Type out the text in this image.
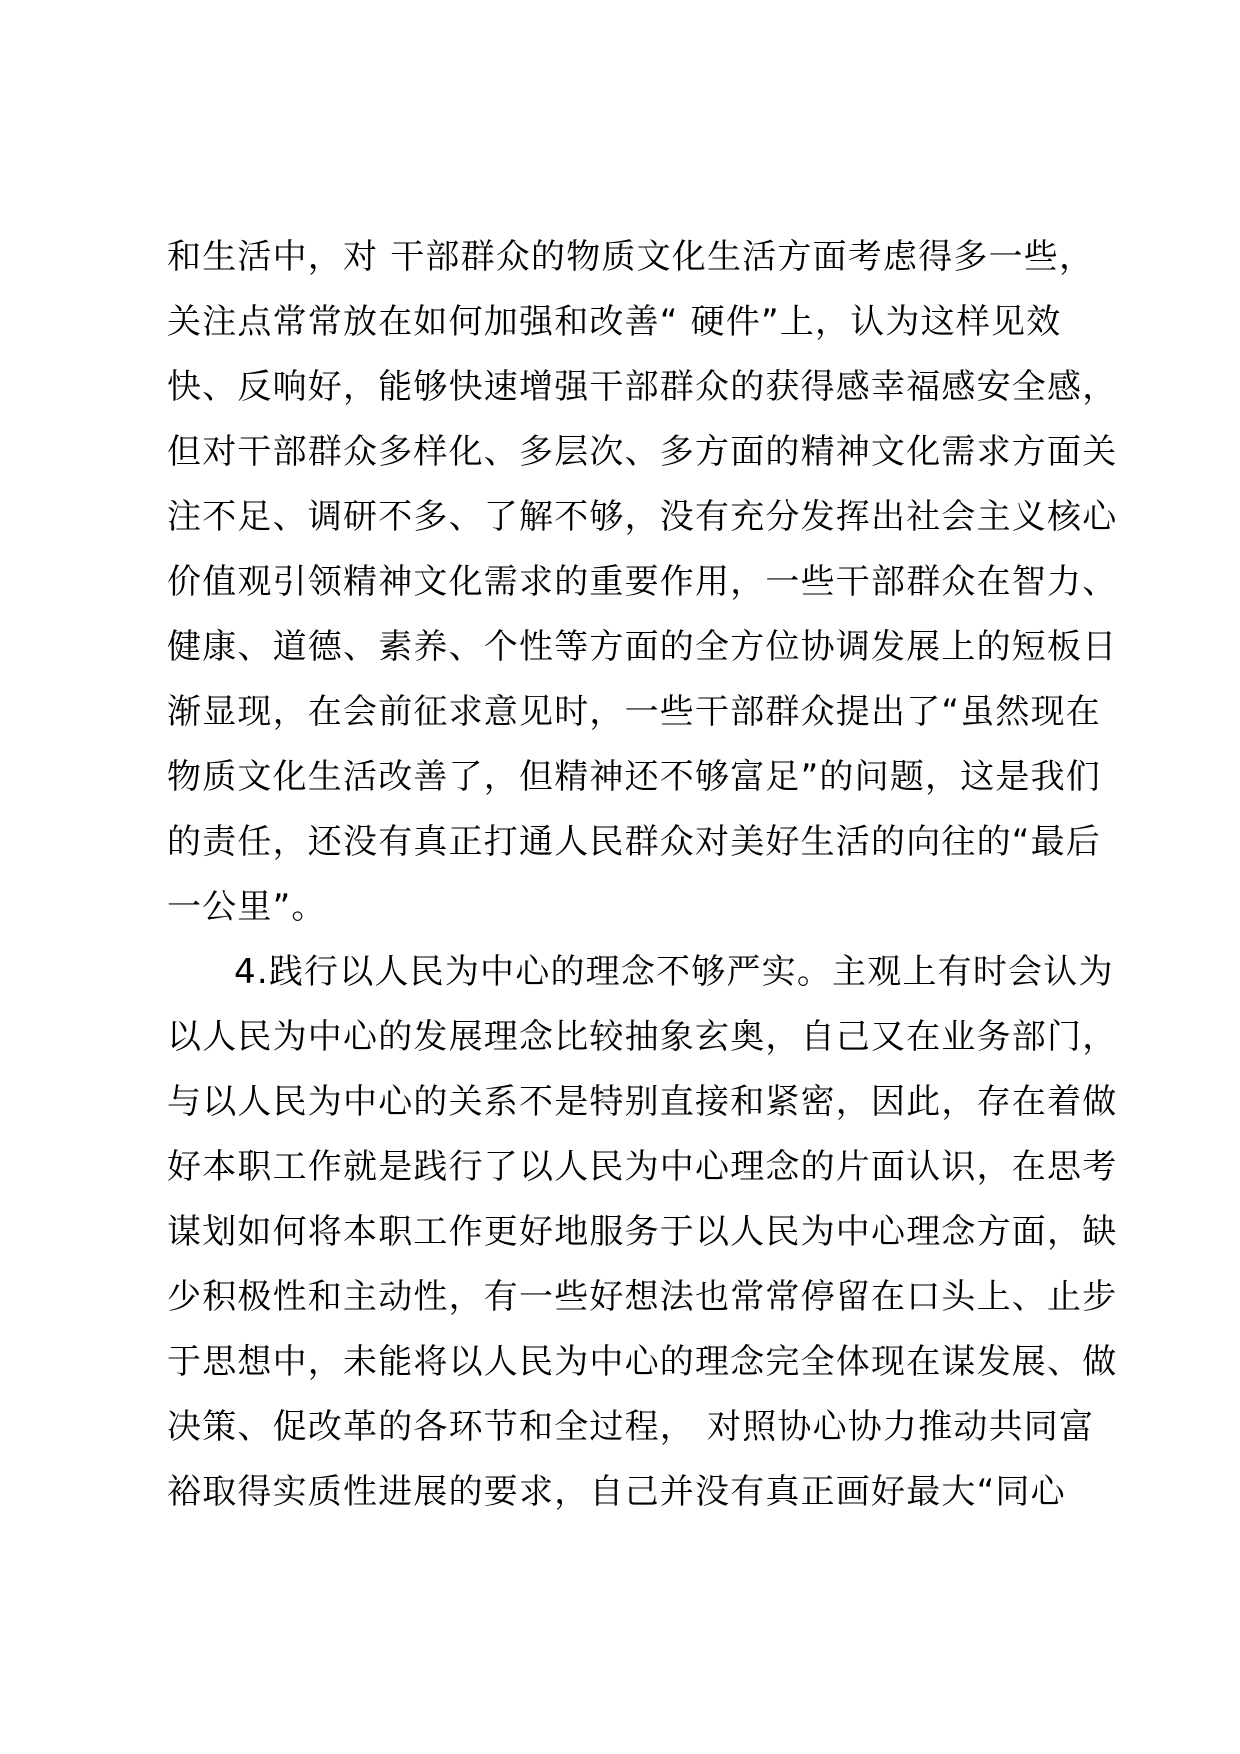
和生活中，对 干部群众的物质文化生活方面考虑得多一些，
关注点常常放在如何加强和改善“ 硬件”上，认为这样见效
快、反响好，能够快速增强干部群众的获得感幸福感安全感，
但对干部群众多样化、多层次、多方面的精神文化需求方面关
注不足、调研不多、了解不够，没有充分发挥出社会主义核心
价值观引领精神文化需求的重要作用，一些干部群众在智力、
健康、道德、素养、个性等方面的全方位协调发展上的短板日
渐显现，在会前征求意见时，一些干部群众提出了“虽然现在
物质文化生活改善了，但精神还不够富足”的问题，这是我们
的责任，还没有真正打通人民群众对美好生活的向往的“最后
一公里”。
4.践行以人民为中心的理念不够严实。主观上有时会认为
以人民为中心的发展理念比较抽象玄奥，自己又在业务部门，
与以人民为中心的关系不是特别直接和紧密，因此，存在着做
好本职工作就是践行了以人民为中心理念的片面认识，在思考
谋划如何将本职工作更好地服务于以人民为中心理念方面，缺
少积极性和主动性，有一些好想法也常常停留在口头上、止步
于思想中，未能将以人民为中心的理念完全体现在谋发展、做
决策、促改革的各环节和全过程， 对照协心协力推动共同富
裕取得实质性进展的要求，自己并没有真正画好最大“同心
